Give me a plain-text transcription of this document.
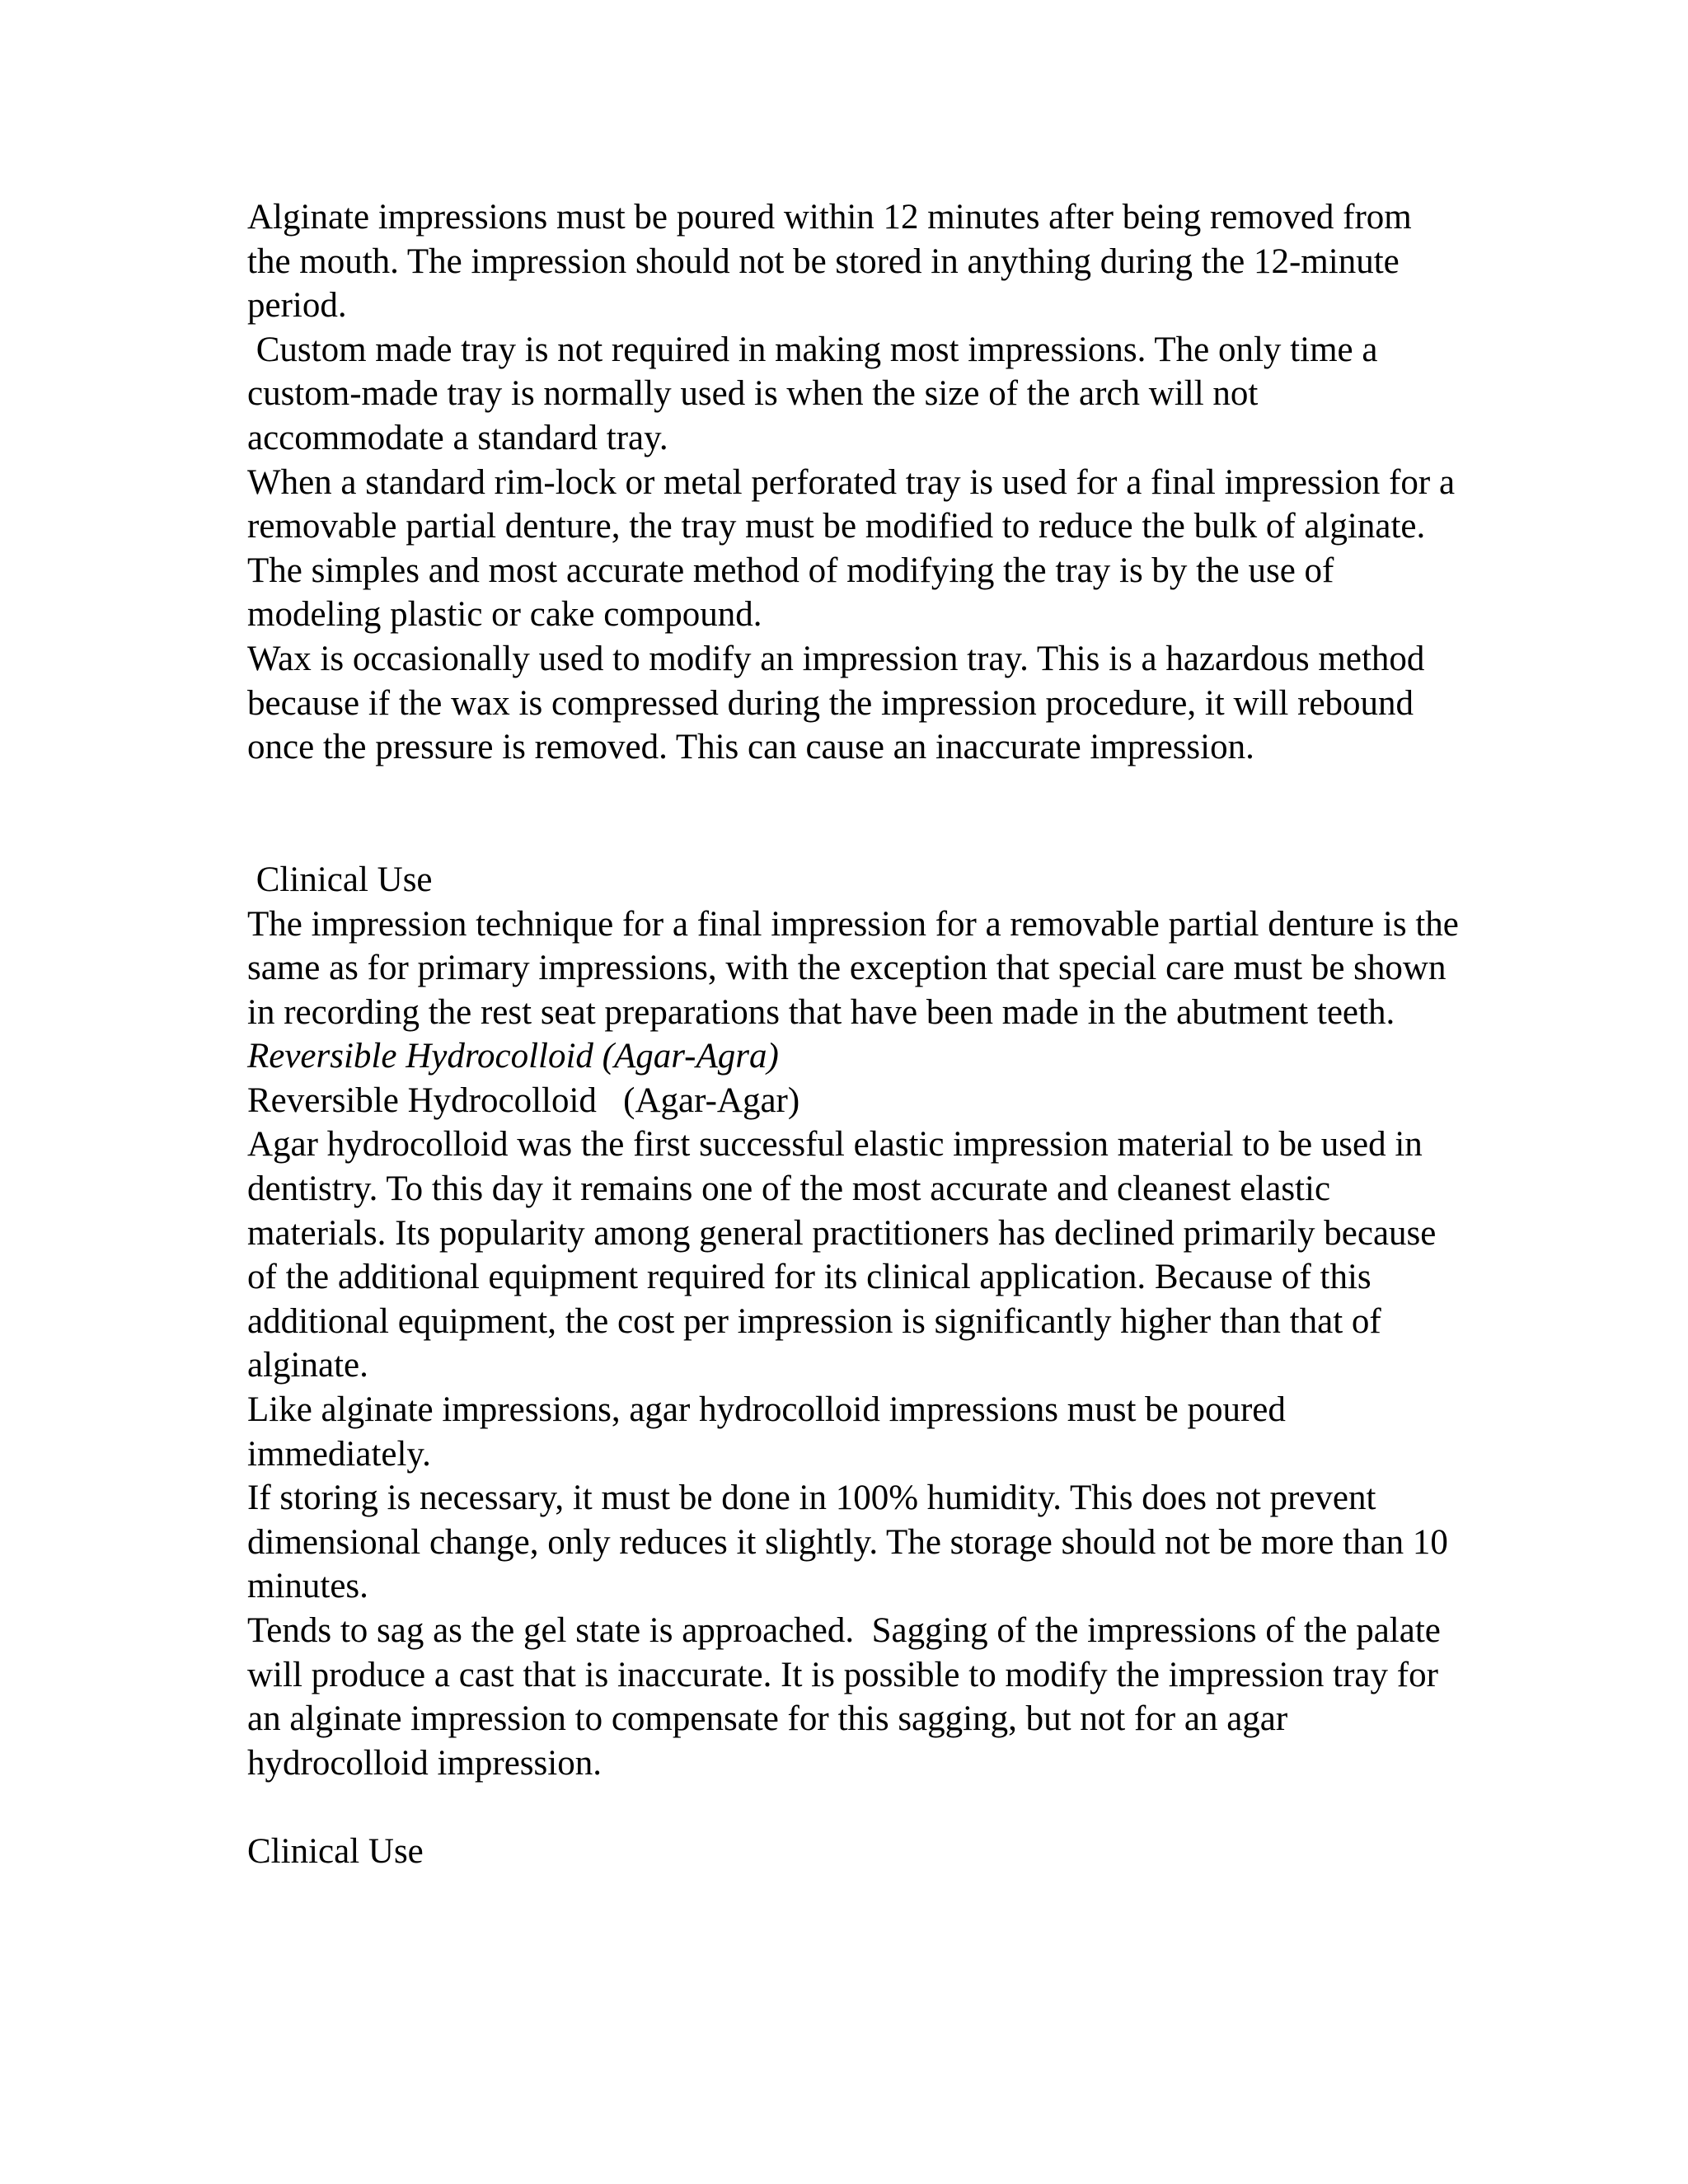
Alginate impressions must be poured within 12 minutes after being removed from the mouth. The impression should not be stored in anything during the 12-minute period.

Custom made tray is not required in making most impressions. The only time a custom-made tray is normally used is when the size of the arch will not accommodate a standard tray.

When a standard rim-lock or metal perforated tray is used for a final impression for a removable partial denture, the tray must be modified to reduce the bulk of alginate.  The simples and most accurate method of modifying the tray is by the use of modeling plastic or cake compound.

Wax is occasionally used to modify an impression tray. This is a hazardous method because if the wax is compressed during the impression procedure, it will rebound once the pressure is removed. This can cause an inaccurate impression.

Clinical Use

The impression technique for a final impression for a removable partial denture is the same as for primary impressions, with the exception that special care must be shown in recording the rest seat preparations that have been made in the abutment teeth.

Reversible Hydrocolloid (Agar-Agra)

Reversible Hydrocolloid   (Agar-Agar)

Agar hydrocolloid was the first successful elastic impression material to be used in dentistry. To this day it remains one of the most accurate and cleanest elastic materials. Its popularity among general practitioners has declined primarily because of the additional equipment required for its clinical application. Because of this additional equipment, the cost per impression is significantly higher than that of alginate.

Like alginate impressions, agar hydrocolloid impressions must be poured immediately.

If storing is necessary, it must be done in 100% humidity. This does not prevent dimensional change, only reduces it slightly. The storage should not be more than 10 minutes.

Tends to sag as the gel state is approached.  Sagging of the impressions of the palate will produce a cast that is inaccurate. It is possible to modify the impression tray for an alginate impression to compensate for this sagging, but not for an agar hydrocolloid impression.

Clinical Use
